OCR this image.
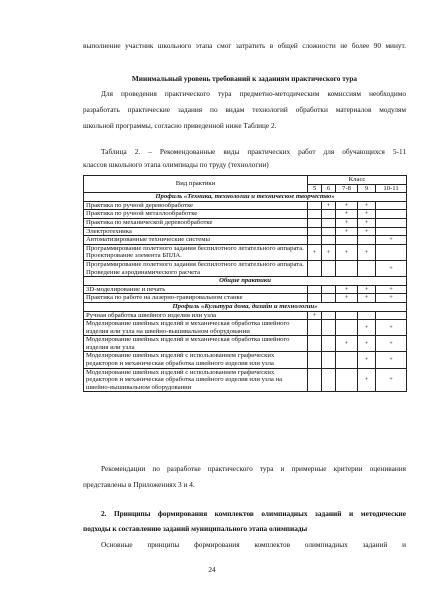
выполнение участник школьного этапа смог затратить в общей сложности не более 90 минут.

Минимальный уровень требований к заданиям практического тура

Для проведения практического тура предметно-методическим комиссиям необходимо

разработать практические задания по видам технологий обработки материалов модулям

школьной программы, согласно приведенной ниже Таблице 2.

Таблица 2. – Рекомендованные виды практических работ для обучающихся 5-11

классов школьного этапа олимпиады по труду (технологии)

Вид практики	Класс				
	5	6	7-8	9	10-11
Профиль «Техника, технологии и техническое творчество»					
Практика по ручной деревообработке		+	+	+	
Практика по ручной металлообработке			+	+	
Практика по механической деревообработке			+	+	
Электротехника			+	+	
Автоматизированные технические системы					+
Программирование полетного задания беспилотного летательного аппарата. Проектирование элемента БПЛА.	+	+	+	+	
Программирование полетного задания беспилотного летательного аппарата. Проведение аэродинамического расчета					+
Общие практики					
3D-моделирование и печать			+	+	+
Практика по работе на лазерно-гравировальном станке			+	+	+
Профиль «Культура дома, дизайн и технологии»					
Ручная обработка швейного изделия или узла	+				
Моделирование швейных изделий и механическая обработка швейного изделия или узла на швейно-вышивальном оборудовании				+	+
Моделирование швейных изделий и механическая обработка швейного изделия или узла			+	+	+
Моделирование швейных изделий с использованием графических редакторов и механическая обработка швейного изделия или узла				+	+
Моделирование швейных изделий с использованием графических редакторов и механическая обработка швейного изделия или узла на швейно-вышивальном оборудовании				+	+

Рекомендации по разработке практического тура и примерные критерии оценивания

представлены в Приложениях 3 и 4.

2. Принципы формирования комплектов олимпиадных заданий и методические

подходы к составлению заданий муниципального этапа олимпиады

Основные принципы формирования комплектов олимпиадных заданий и

24
